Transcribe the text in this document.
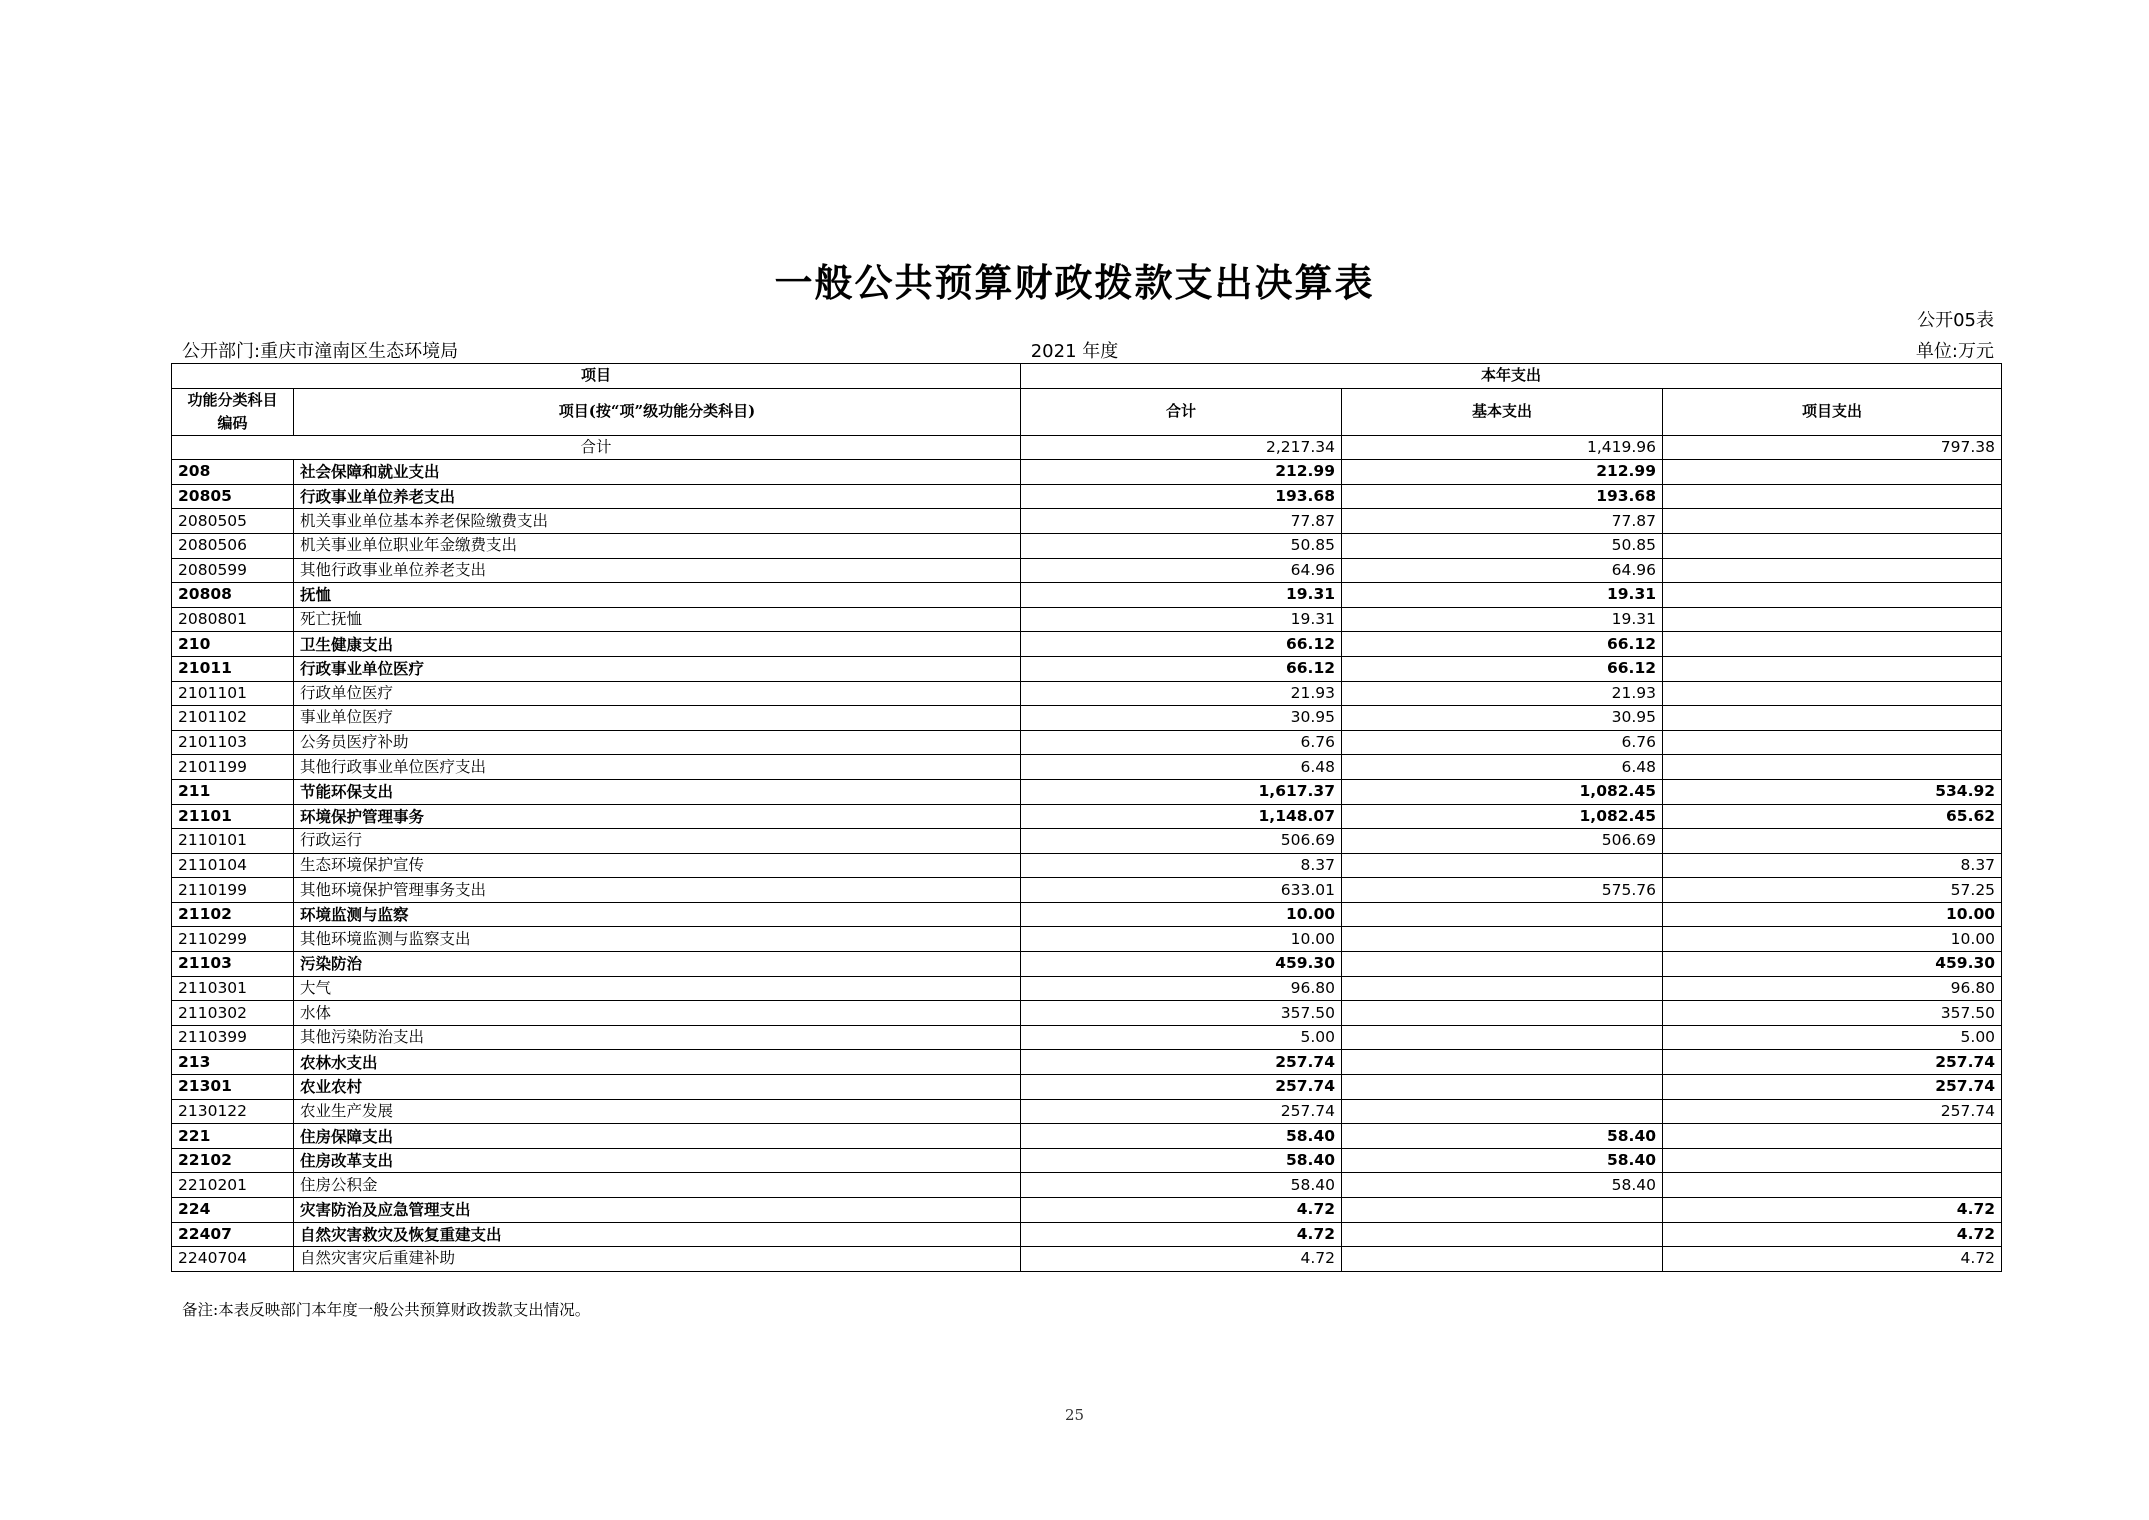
一般公共预算财政拨款支出决算表
公开05表
公开部门:重庆市潼南区生态环境局	2021 年度	单位:万元
项目		本年支出		
功能分类科目编码	项目(按“项”级功能分类科目)	合计	基本支出	项目支出
合计		2,217.34	1,419.96	797.38
208	社会保障和就业支出	212.99	212.99	
20805	行政事业单位养老支出	193.68	193.68	
2080505	机关事业单位基本养老保险缴费支出	77.87	77.87	
2080506	机关事业单位职业年金缴费支出	50.85	50.85	
2080599	其他行政事业单位养老支出	64.96	64.96	
20808	抚恤	19.31	19.31	
2080801	死亡抚恤	19.31	19.31	
210	卫生健康支出	66.12	66.12	
21011	行政事业单位医疗	66.12	66.12	
2101101	行政单位医疗	21.93	21.93	
2101102	事业单位医疗	30.95	30.95	
2101103	公务员医疗补助	6.76	6.76	
2101199	其他行政事业单位医疗支出	6.48	6.48	
211	节能环保支出	1,617.37	1,082.45	534.92
21101	环境保护管理事务	1,148.07	1,082.45	65.62
2110101	行政运行	506.69	506.69	
2110104	生态环境保护宣传	8.37		8.37
2110199	其他环境保护管理事务支出	633.01	575.76	57.25
21102	环境监测与监察	10.00		10.00
2110299	其他环境监测与监察支出	10.00		10.00
21103	污染防治	459.30		459.30
2110301	大气	96.80		96.80
2110302	水体	357.50		357.50
2110399	其他污染防治支出	5.00		5.00
213	农林水支出	257.74		257.74
21301	农业农村	257.74		257.74
2130122	农业生产发展	257.74		257.74
221	住房保障支出	58.40	58.40	
22102	住房改革支出	58.40	58.40	
2210201	住房公积金	58.40	58.40	
224	灾害防治及应急管理支出	4.72		4.72
22407	自然灾害救灾及恢复重建支出	4.72		4.72
2240704	自然灾害灾后重建补助	4.72		4.72
备注:本表反映部门本年度一般公共预算财政拨款支出情况。
25
